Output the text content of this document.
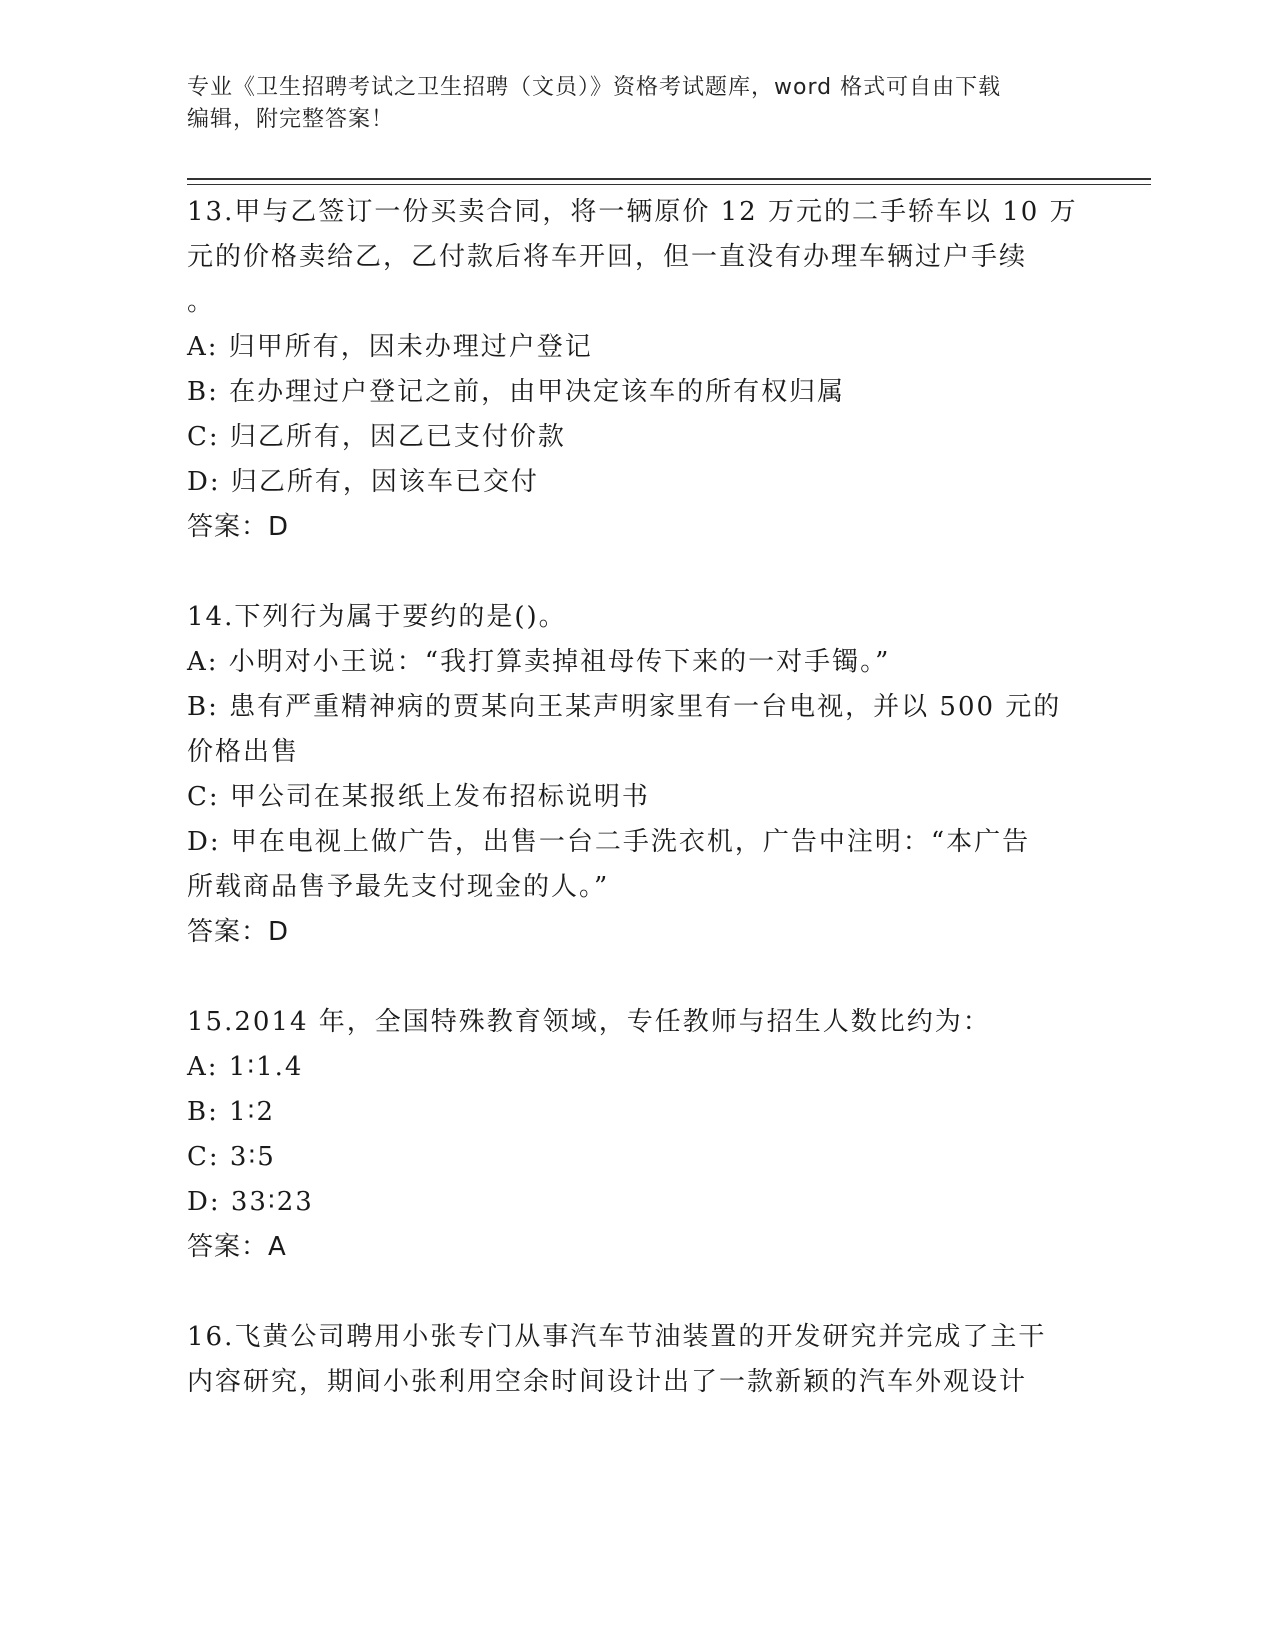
专业《卫生招聘考试之卫生招聘（文员）》资格考试题库，word 格式可自由下载
编辑，附完整答案！
13.甲与乙签订一份买卖合同，将一辆原价 12 万元的二手轿车以 10 万
元的价格卖给乙，乙付款后将车开回，但一直没有办理车辆过户手续
。
A: 归甲所有，因未办理过户登记
B: 在办理过户登记之前，由甲决定该车的所有权归属
C: 归乙所有，因乙已支付价款
D: 归乙所有，因该车已交付
答案：D
14.下列行为属于要约的是()。
A: 小明对小王说：“我打算卖掉祖母传下来的一对手镯。”
B: 患有严重精神病的贾某向王某声明家里有一台电视，并以 500 元的
价格出售
C: 甲公司在某报纸上发布招标说明书
D: 甲在电视上做广告，出售一台二手洗衣机，广告中注明：“本广告
所载商品售予最先支付现金的人。”
答案：D
15.2014 年，全国特殊教育领域，专任教师与招生人数比约为：
A: 1∶1.4
B: 1∶2
C: 3∶5
D: 33∶23
答案：A
16.飞黄公司聘用小张专门从事汽车节油装置的开发研究并完成了主干
内容研究，期间小张利用空余时间设计出了一款新颖的汽车外观设计
